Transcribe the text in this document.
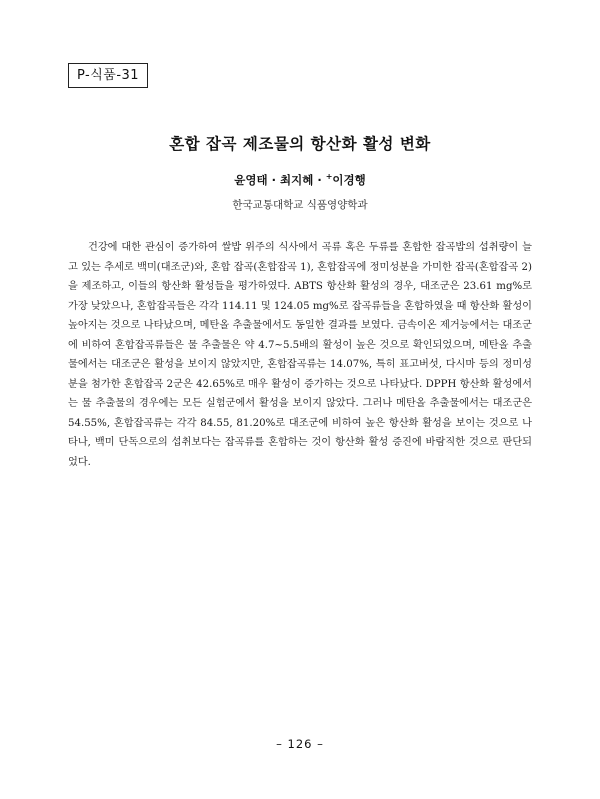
P-식품-31
혼합 잡곡 제조물의 항산화 활성 변화
윤영태 · 최지혜 · +이경행
한국교통대학교 식품영양학과

건강에 대한 관심이 증가하여 쌀밥 위주의 식사에서 곡류 혹은 두류를 혼합한 잡곡밥의 섭취량이 늘고 있는 추세로 백미(대조군)와, 혼합 잡곡(혼합잡곡 1), 혼합잡곡에 정미성분을 가미한 잡곡(혼합잡곡 2)을 제조하고, 이들의 항산화 활성들을 평가하였다. ABTS 항산화 활성의 경우, 대조군은 23.61 mg%로 가장 낮았으나, 혼합잡곡들은 각각 114.11 및 124.05 mg%로 잡곡류들을 혼합하였을 때 항산화 활성이 높아지는 것으로 나타났으며, 메탄올 추출물에서도 동일한 결과를 보였다. 금속이온 제거능에서는 대조군에 비하여 혼합잡곡류들은 물 추출물은 약 4.7~5.5배의 활성이 높은 것으로 확인되었으며, 메탄올 추출물에서는 대조군은 활성을 보이지 않았지만, 혼합잡곡류는 14.07%, 특히 표고버섯, 다시마 등의 정미성분을 첨가한 혼합잡곡 2군은 42.65%로 매우 활성이 증가하는 것으로 나타났다. DPPH 항산화 활성에서는 물 추출물의 경우에는 모든 실험군에서 활성을 보이지 않았다. 그러나 메탄올 추출물에서는 대조군은 54.55%, 혼합잡곡류는 각각 84.55, 81.20%로 대조군에 비하여 높은 항산화 활성을 보이는 것으로 나타나, 백미 단독으로의 섭취보다는 잡곡류를 혼합하는 것이 항산화 활성 증진에 바람직한 것으로 판단되었다.

– 126 –
